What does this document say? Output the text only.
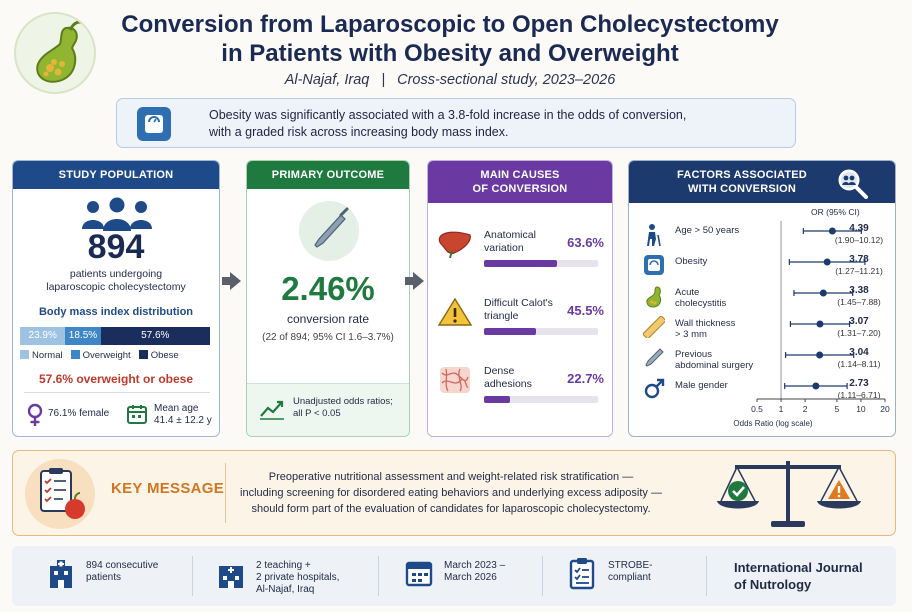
Conversion from Laparoscopic to Open Cholecystectomy
in Patients with Obesity and Overweight
Al-Najaf, Iraq | Cross-sectional study, 2023–2026
Obesity was significantly associated with a 3.8-fold increase in the odds of conversion,
with a graded risk across increasing body mass index.
STUDY POPULATION
894
patients undergoing
laparoscopic cholecystectomy
Body mass index distribution
23.9%	18.5%	57.6%
Normal Overweight Obese
57.6% overweight or obese
76.1% female	Mean age
41.4 ± 12.2 y
PRIMARY OUTCOME
Unadjusted odds ratios;
all P < 0.05
2.46%
conversion rate
(22 of 894; 95% CI 1.6–3.7%)
MAIN CAUSES
OF CONVERSION
Anatomical
variation	63.6%
Difficult Calot's
triangle	45.5%
Dense
adhesions	22.7%
FACTORS ASSOCIATED
WITH CONVERSION
OR (95% CI)
Age > 50 years	4.39
(1.90–10.12)
Obesity	3.78
(1.27–11.21)
Acute
cholecystitis
3.38
(1.45–7.88)
Wall thickness
> 3 mm
3.07
(1.31–7.20)
Previous
abdominal surgery
3.04
(1.14–8.11)
Male gender	2.73
(1.11–6.71)
0.5 1 2	5 10 20
Odds Ratio (log scale)
KEY MESSAGE
Preoperative nutritional assessment and weight-related risk stratification —
including screening for disordered eating behaviors and underlying excess adiposity —
should form part of the evaluation of candidates for laparoscopic cholecystectomy.
894 consecutive
patients
2 teaching +
2 private hospitals,
Al-Najaf, Iraq
March 2023 –
March 2026
STROBE-
compliant
International Journal
of Nutrology
